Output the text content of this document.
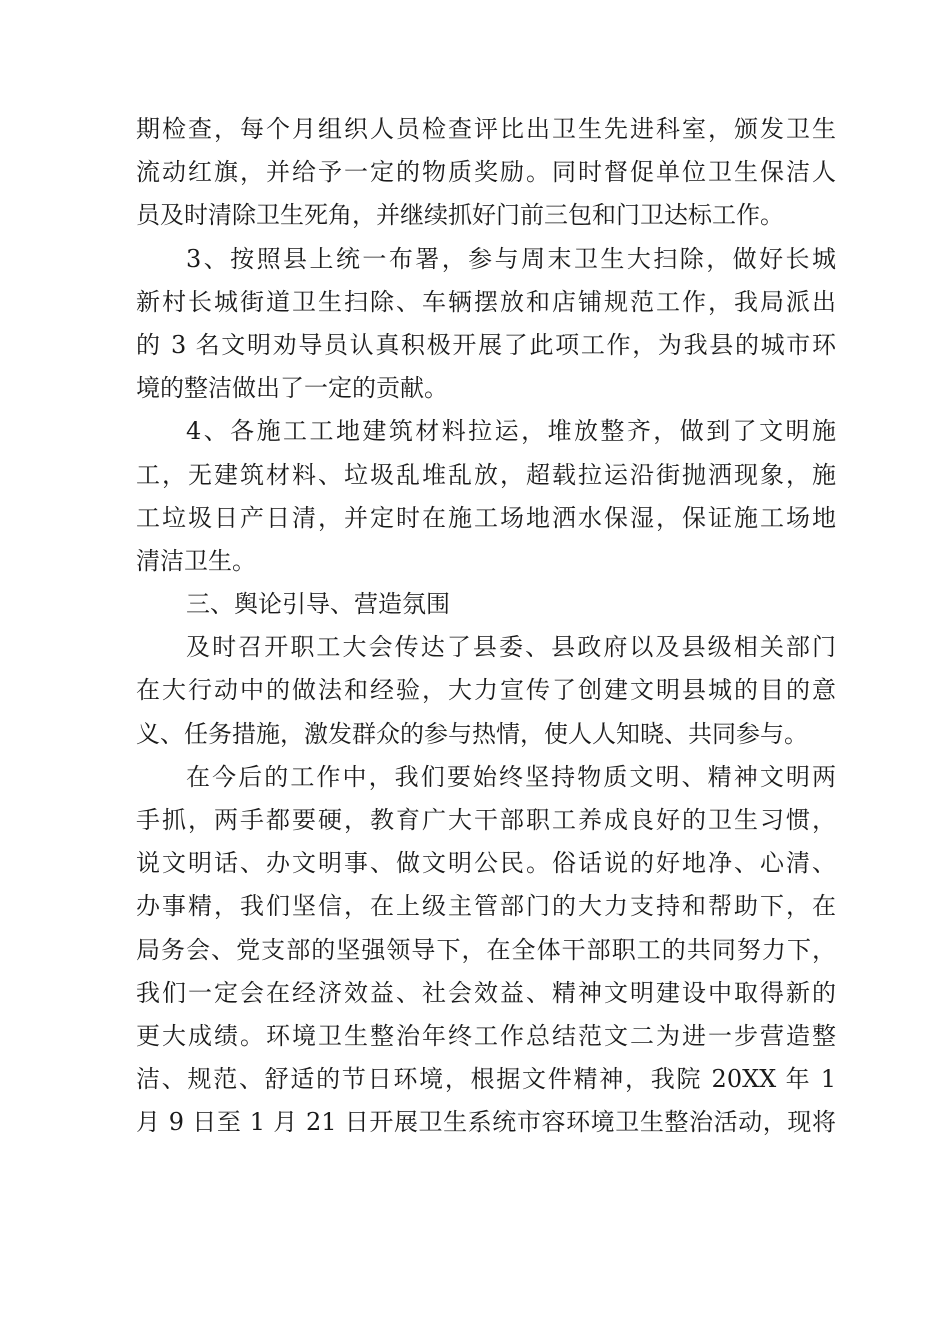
期检查，每个月组织人员检查评比出卫生先进科室，颁发卫生
流动红旗，并给予一定的物质奖励。同时督促单位卫生保洁人
员及时清除卫生死角，并继续抓好门前三包和门卫达标工作。
3、按照县上统一布署，参与周末卫生大扫除，做好长城
新村长城街道卫生扫除、车辆摆放和店铺规范工作，我局派出
的 3 名文明劝导员认真积极开展了此项工作，为我县的城市环
境的整洁做出了一定的贡献。
4、各施工工地建筑材料拉运，堆放整齐，做到了文明施
工，无建筑材料、垃圾乱堆乱放，超载拉运沿街抛洒现象，施
工垃圾日产日清，并定时在施工场地洒水保湿，保证施工场地
清洁卫生。
三、舆论引导、营造氛围
及时召开职工大会传达了县委、县政府以及县级相关部门
在大行动中的做法和经验，大力宣传了创建文明县城的目的意
义、任务措施，激发群众的参与热情，使人人知晓、共同参与。
在今后的工作中，我们要始终坚持物质文明、精神文明两
手抓，两手都要硬，教育广大干部职工养成良好的卫生习惯，
说文明话、办文明事、做文明公民。俗话说的好地净、心清、
办事精，我们坚信，在上级主管部门的大力支持和帮助下，在
局务会、党支部的坚强领导下，在全体干部职工的共同努力下，
我们一定会在经济效益、社会效益、精神文明建设中取得新的
更大成绩。环境卫生整治年终工作总结范文二为进一步营造整
洁、规范、舒适的节日环境，根据文件精神，我院 20XX 年 1
月 9 日至 1 月 21 日开展卫生系统市容环境卫生整治活动，现将
